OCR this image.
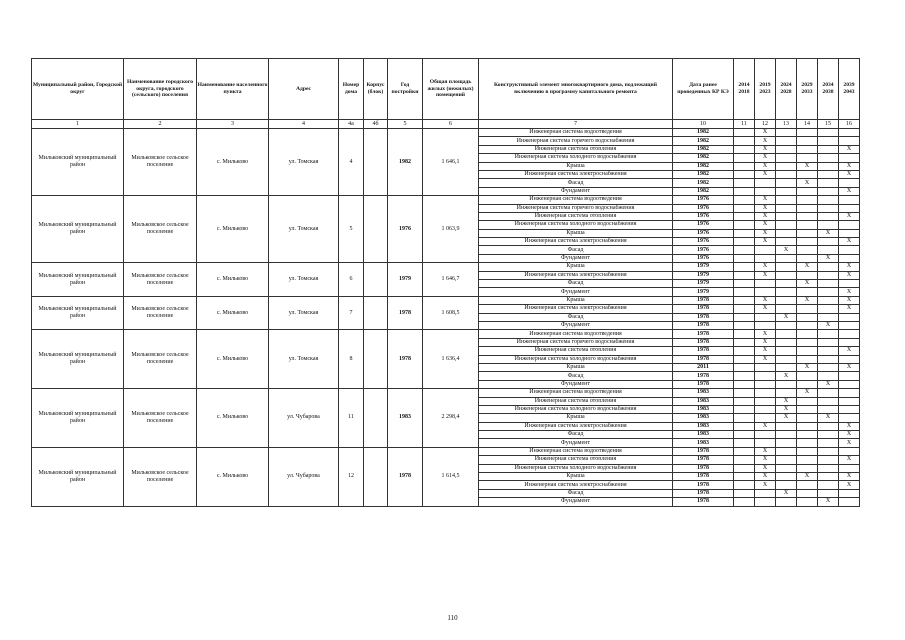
Муниципальный район, Городской округ	Наименование городского округа, городского (сельского) поселения	Наименование населенного пункта	Адрес	Номер дома	Корпус (блок)	Год постройки	Общая площадь жилых (нежилых) помещений	Конструктивный элемент многоквартирного дома, подлежащий включению в программу капитального ремонта	Дата ранее проведенных КР КЭ	2014 2018	2019 2023	2024 2028	2029 2033	2034 2038	2039 2043
1	2	3	4	4а	4б	5	6	7	10	11	12	13	14	15	16
Мильковский муниципальный район	Мильковское сельское поселение	с. Мильково	ул. Томская	4		1982	1 646,1	Инженерная система водоотведения	1982		X				
								Инженерная система горячего водоснабжения	1982		X				
								Инженерная система отопления	1982		X				X
								Инженерная система холодного водоснабжения	1982		X				
								Крыша	1982		X		X		X
								Инженерная система электроснабжения	1982		X				X
								Фасад	1982				X		
								Фундамент	1982						X
Мильковский муниципальный район	Мильковское сельское поселение	с. Мильково	ул. Томская	5		1976	1 063,9	Инженерная система водоотведения	1976		X				
								Инженерная система горячего водоснабжения	1976		X				
								Инженерная система отопления	1976		X				X
								Инженерная система холодного водоснабжения	1976		X				
								Крыша	1976		X			X	
								Инженерная система электроснабжения	1976		X				X
								Фасад	1976			X			
								Фундамент	1976					X	
Мильковский муниципальный район	Мильковское сельское поселение	с. Мильково	ул. Томская	6		1979	1 646,7	Крыша	1979		X		X		X
								Инженерная система электроснабжения	1979		X				X
								Фасад	1979				X		
								Фундамент	1979						X
Мильковский муниципальный район	Мильковское сельское поселение	с. Мильково	ул. Томская	7		1978	1 608,5	Крыша	1978		X		X		X
								Инженерная система электроснабжения	1978		X				X
								Фасад	1978			X			
								Фундамент	1978					X	
Мильковский муниципальный район	Мильковское сельское поселение	с. Мильково	ул. Томская	8		1978	1 636,4	Инженерная система водоотведения	1978		X				
								Инженерная система горячего водоснабжения	1978		X				
								Инженерная система отопления	1978		X				X
								Инженерная система холодного водоснабжения	1978		X				
								Крыша	2011				X		X
								Фасад	1978			X			
								Фундамент	1978					X	
Мильковский муниципальный район	Мильковское сельское поселение	с. Мильково	ул. Чубарова	11		1983	2 298,4	Инженерная система водоотведения	1983				X		
								Инженерная система отопления	1983			X			
								Инженерная система холодного водоснабжения	1983			X			
								Крыша	1983			X		X	
								Инженерная система электроснабжения	1983		X				X
								Фасад	1983						X
								Фундамент	1983						X
Мильковский муниципальный район	Мильковское сельское поселение	с. Мильково	ул. Чубарова	12		1978	1 614,5	Инженерная система водоотведения	1978		X				
								Инженерная система отопления	1978		X				X
								Инженерная система холодного водоснабжения	1978		X				
								Крыша	1978		X		X		X
								Инженерная система электроснабжения	1978		X				X
								Фасад	1978			X			
								Фундамент	1978					X	
110
